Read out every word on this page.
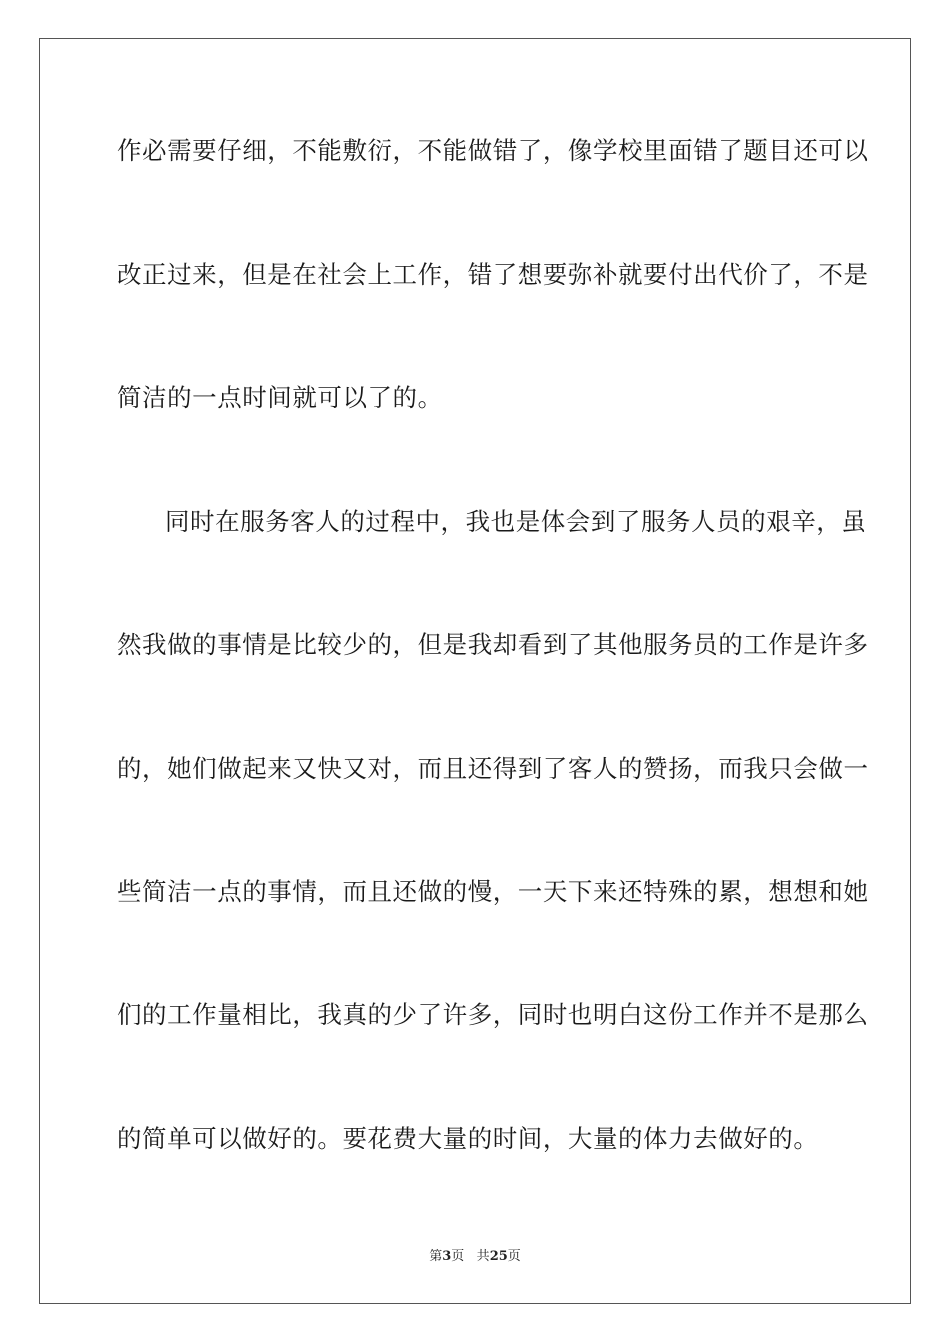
作必需要仔细，不能敷衍，不能做错了，像学校里面错了题目还可以
改正过来，但是在社会上工作，错了想要弥补就要付出代价了，不是
简洁的一点时间就可以了的。
同时在服务客人的过程中，我也是体会到了服务人员的艰辛，虽
然我做的事情是比较少的，但是我却看到了其他服务员的工作是许多
的，她们做起来又快又对，而且还得到了客人的赞扬，而我只会做一
些简洁一点的事情，而且还做的慢，一天下来还特殊的累，想想和她
们的工作量相比，我真的少了许多，同时也明白这份工作并不是那么
的简单可以做好的。要花费大量的时间，大量的体力去做好的。
第3页 共25页
